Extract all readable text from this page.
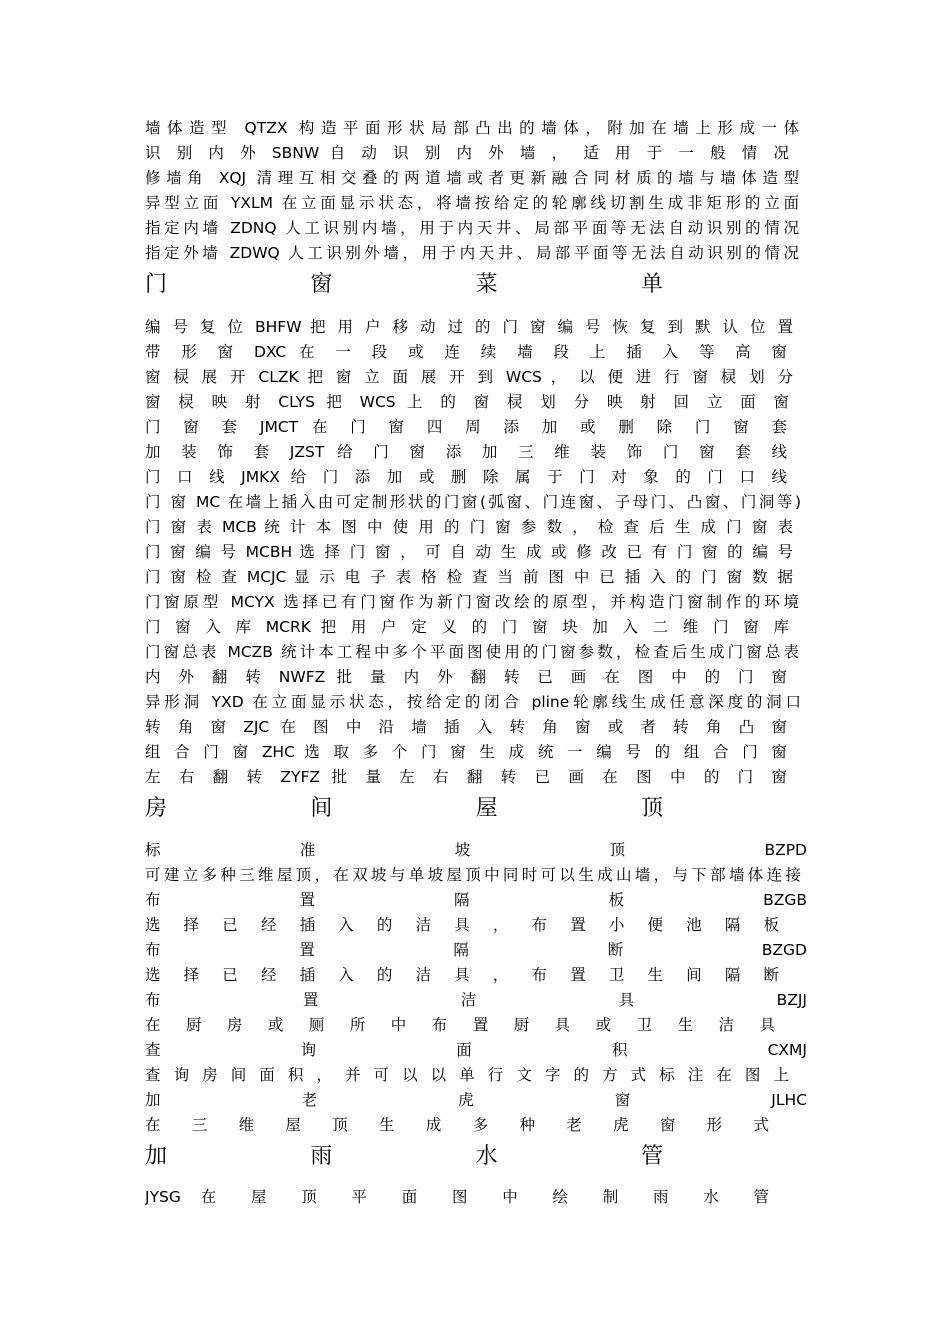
墙体造型 QTZX 构造平面形状局部凸出的墙体，附加在墙上形成一体
识 别 内 外 SBNW 自 动 识 别 内 外 墙 ， 适 用 于 一 般 情 况
修墙角 XQJ 清理互相交叠的两道墙或者更新融合同材质的墙与墙体造型
异型立面 YXLM 在立面显示状态，将墙按给定的轮廓线切割生成非矩形的立面
指定内墙 ZDNQ 人工识别内墙，用于内天井、局部平面等无法自动识别的情况
指定外墙 ZDWQ 人工识别外墙，用于内天井、局部平面等无法自动识别的情况
门 窗 菜 单
编 号 复 位 BHFW 把 用 户 移 动 过 的 门 窗 编 号 恢 复 到 默 认 位 置
带 形 窗 DXC 在 一 段 或 连 续 墙 段 上 插 入 等 高 窗
窗 棂 展 开 CLZK 把 窗 立 面 展 开 到 WCS ， 以 便 进 行 窗 棂 划 分
窗 棂 映 射 CLYS 把 WCS 上 的 窗 棂 划 分 映 射 回 立 面 窗
门 窗 套 JMCT 在 门 窗 四 周 添 加 或 删 除 门 窗 套
加 装 饰 套 JZST 给 门 窗 添 加 三 维 装 饰 门 窗 套 线
门 口 线 JMKX 给 门 添 加 或 删 除 属 于 门 对 象 的 门 口 线
门 窗 MC 在墙上插入由可定制形状的门窗(弧窗、门连窗、子母门、凸窗、门洞等)
门 窗 表 MCB 统 计 本 图 中 使 用 的 门 窗 参 数 ， 检 查 后 生 成 门 窗 表
门 窗 编 号 MCBH 选 择 门 窗 ， 可 自 动 生 成 或 修 改 已 有 门 窗 的 编 号
门 窗 检 查 MCJC 显 示 电 子 表 格 检 查 当 前 图 中 已 插 入 的 门 窗 数 据
门窗原型 MCYX 选择已有门窗作为新门窗改绘的原型，并构造门窗制作的环境
门 窗 入 库 MCRK 把 用 户 定 义 的 门 窗 块 加 入 二 维 门 窗 库
门窗总表 MCZB 统计本工程中多个平面图使用的门窗参数，检查后生成门窗总表
内 外 翻 转 NWFZ 批 量 内 外 翻 转 已 画 在 图 中 的 门 窗
异形洞 YXD 在立面显示状态，按给定的闭合 pline轮廓线生成任意深度的洞口
转 角 窗 ZJC 在 图 中 沿 墙 插 入 转 角 窗 或 者 转 角 凸 窗
组 合 门 窗 ZHC 选 取 多 个 门 窗 生 成 统 一 编 号 的 组 合 门 窗
左 右 翻 转 ZYFZ 批 量 左 右 翻 转 已 画 在 图 中 的 门 窗
房 间 屋 顶
标 准 坡 顶 BZPD
可建立多种三维屋顶，在双坡与单坡屋顶中同时可以生成山墙，与下部墙体连接
布 置 隔 板 BZGB
选 择 已 经 插 入 的 洁 具 ， 布 置 小 便 池 隔 板
布 置 隔 断 BZGD
选 择 已 经 插 入 的 洁 具 ， 布 置 卫 生 间 隔 断
布 置 洁 具 BZJJ
在 厨 房 或 厕 所 中 布 置 厨 具 或 卫 生 洁 具
查 询 面 积 CXMJ
查 询 房 间 面 积 ， 并 可 以 以 单 行 文 字 的 方 式 标 注 在 图 上
加 老 虎 窗 JLHC
在 三 维 屋 顶 生 成 多 种 老 虎 窗 形 式
加 雨 水 管
JYSG 在 屋 顶 平 面 图 中 绘 制 雨 水 管
